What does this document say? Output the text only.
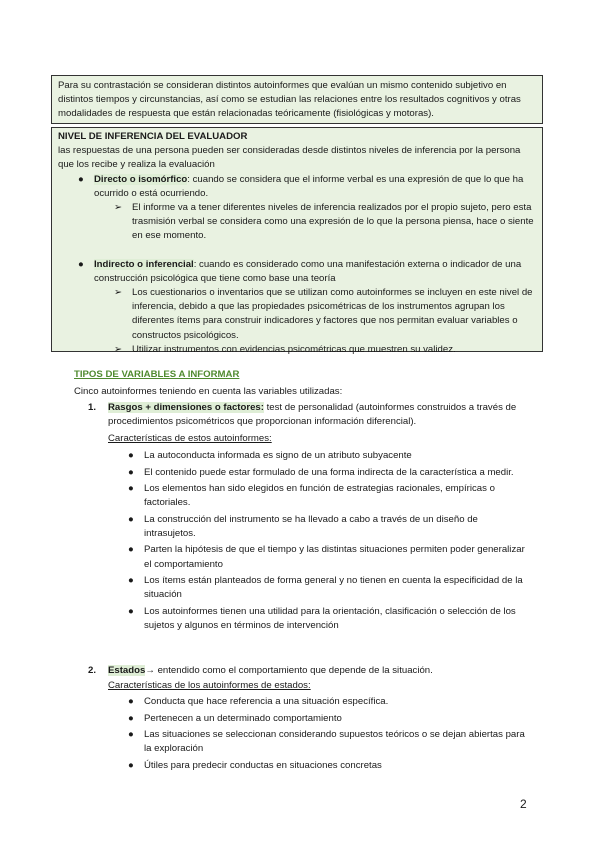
Para su contrastación se consideran distintos autoinformes que evalúan un mismo contenido subjetivo en distintos tiempos y circunstancias, así como se estudian las relaciones entre los resultados cognitivos y otras modalidades de respuesta que están relacionadas teóricamente (fisiológicas y motoras).
NIVEL DE INFERENCIA DEL EVALUADOR
las respuestas de una persona pueden ser consideradas desde distintos niveles de inferencia por la persona que los recibe y realiza la evaluación
● Directo o isomórfico: cuando se considera que el informe verbal es una expresión de que lo que ha ocurrido o está ocurriendo.
➢ El informe va a tener diferentes niveles de inferencia realizados por el propio sujeto, pero esta trasmisión verbal se considera como una expresión de lo que la persona piensa, hace o siente en ese momento.
● Indirecto o inferencial: cuando es considerado como una manifestación externa o indicador de una construcción psicológica que tiene como base una teoría
➢ Los cuestionarios o inventarios que se utilizan como autoinformes se incluyen en este nivel de inferencia, debido a que las propiedades psicométricas de los instrumentos agrupan los diferentes ítems para construir indicadores y factores que nos permitan evaluar variables o constructos psicológicos.
➢ Utilizar instrumentos con evidencias psicométricas que muestren su validez.
TIPOS DE VARIABLES A INFORMAR
Cinco autoinformes teniendo en cuenta las variables utilizadas:
1. Rasgos + dimensiones o factores: test de personalidad (autoinformes construidos a través de procedimientos psicométricos que proporcionan información diferencial).
Características de estos autoinformes:
● La autoconducta informada es signo de un atributo subyacente
● El contenido puede estar formulado de una forma indirecta de la característica a medir.
● Los elementos han sido elegidos en función de estrategias racionales, empíricas o factoriales.
● La construcción del instrumento se ha llevado a cabo a través de un diseño de intrasujetos.
● Parten la hipótesis de que el tiempo y las distintas situaciones permiten poder generalizar el comportamiento
● Los ítems están planteados de forma general y no tienen en cuenta la especificidad de la situación
● Los autoinformes tienen una utilidad para la orientación, clasificación o selección de los sujetos y algunos en términos de intervención
2. Estados→ entendido como el comportamiento que depende de la situación.
Características de los autoinformes de estados:
● Conducta que hace referencia a una situación específica.
● Pertenecen a un determinado comportamiento
● Las situaciones se seleccionan considerando supuestos teóricos o se dejan abiertas para la exploración
● Útiles para predecir conductas en situaciones concretas
2
